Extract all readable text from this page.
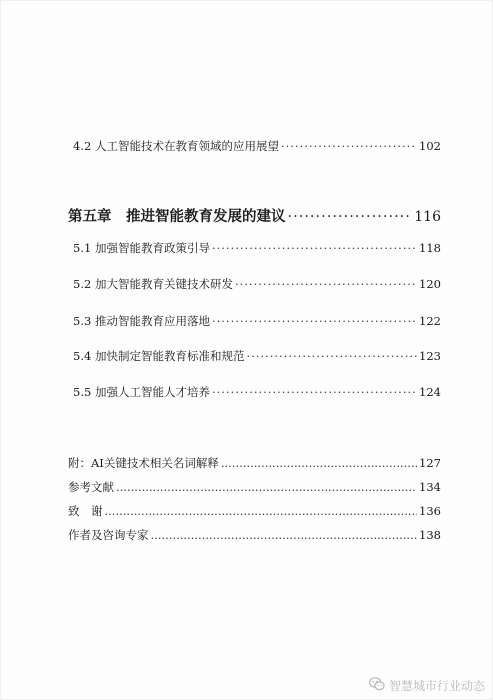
4.2 人工智能技术在教育领域的应用展望 ·····	102
第五章　推进智能教育发展的建议 ·····	116
5.1 加强智能教育政策引导 ·····	118
5.2 加大智能教育关键技术研发 ·····	120
5.3 推动智能教育应用落地 ·····	122
5.4 加快制定智能教育标准和规范 ·····	123
5.5 加强人工智能人才培养 ·····	124
附：AI关键技术相关名词解释 .....	127
参考文献 .....	134
致　谢 .....	136
作者及咨询专家 .....	138
智慧城市行业动态
